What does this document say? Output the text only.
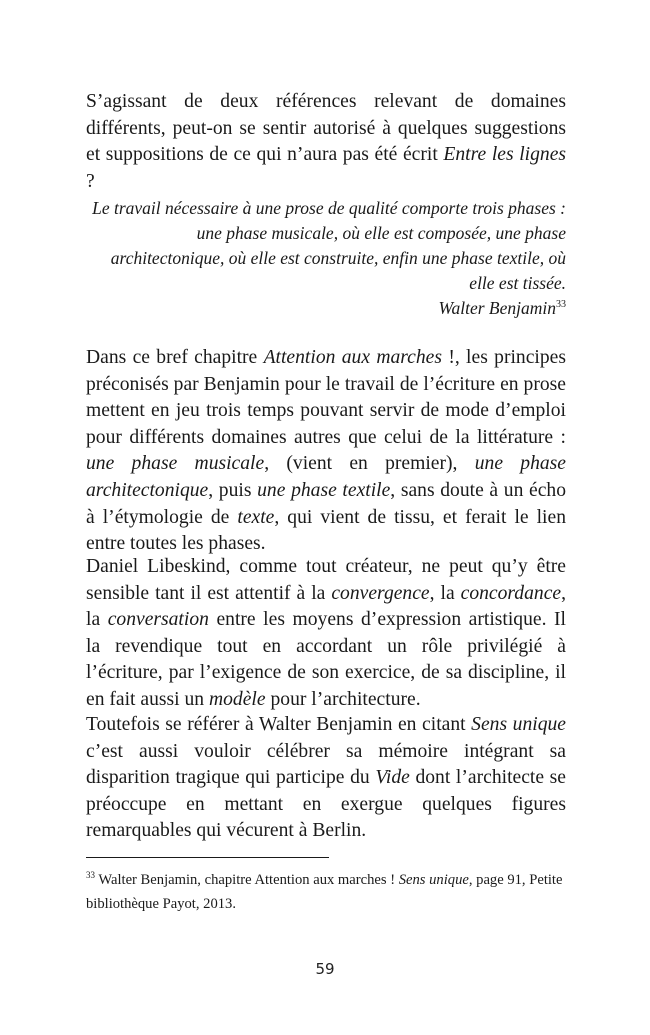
S’agissant de deux références relevant de domaines différents, peut-on se sentir autorisé à quelques suggestions et suppositions de ce qui n’aura pas été écrit Entre les lignes ?
Le travail nécessaire à une prose de qualité comporte trois phases : une phase musicale, où elle est composée, une phase architectonique, où elle est construite, enfin une phase textile, où elle est tissée.
Walter Benjamin$^{33}$

Dans ce bref chapitre Attention aux marches !, les principes préconisés par Benjamin pour le travail de l’écriture en prose mettent en jeu trois temps pouvant servir de mode d’emploi pour différents domaines autres que celui de la littérature : une phase musicale, (vient en premier), une phase architectonique, puis une phase textile, sans doute à un écho à l’étymologie de texte, qui vient de tissu, et ferait le lien entre toutes les phases.

Daniel Libeskind, comme tout créateur, ne peut qu’y être sensible tant il est attentif à la convergence, la concordance, la conversation entre les moyens d’expression artistique. Il la revendique tout en accordant un rôle privilégié à l’écriture, par l’exigence de son exercice, de sa discipline, il en fait aussi un modèle pour l’architecture.

Toutefois se référer à Walter Benjamin en citant Sens unique c’est aussi vouloir célébrer sa mémoire intégrant sa disparition tragique qui participe du Vide dont l’architecte se préoccupe en mettant en exergue quelques figures remarquables qui vécurent à Berlin.

$^{33}$ Walter Benjamin, chapitre Attention aux marches ! Sens unique, page 91, Petite bibliothèque Payot, 2013.
59
